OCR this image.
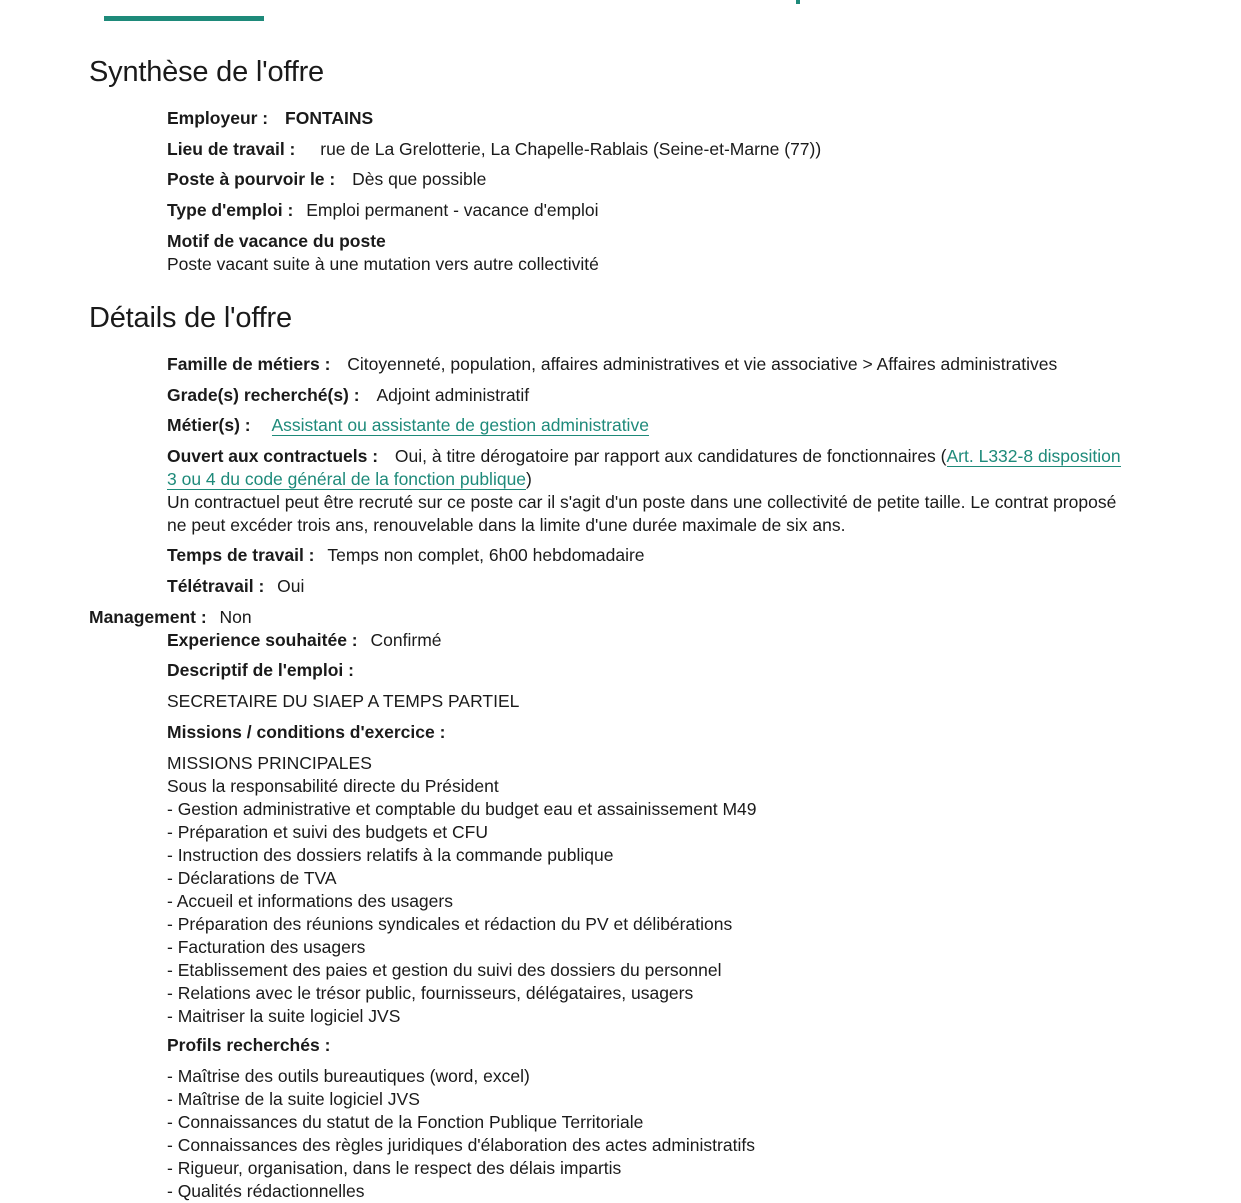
Synthèse de l'offre
Employeur : FONTAINS
Lieu de travail : rue de La Grelotterie, La Chapelle-Rablais (Seine-et-Marne (77))
Poste à pourvoir le : Dès que possible
Type d'emploi : Emploi permanent - vacance d'emploi
Motif de vacance du poste
Poste vacant suite à une mutation vers autre collectivité
Détails de l'offre
Famille de métiers : Citoyenneté, population, affaires administratives et vie associative > Affaires administratives
Grade(s) recherché(s) : Adjoint administratif
Métier(s) : Assistant ou assistante de gestion administrative
Ouvert aux contractuels : Oui, à titre dérogatoire par rapport aux candidatures de fonctionnaires (Art. L332-8 disposition 3 ou 4 du code général de la fonction publique)
Un contractuel peut être recruté sur ce poste car il s'agit d'un poste dans une collectivité de petite taille. Le contrat proposé ne peut excéder trois ans, renouvelable dans la limite d'une durée maximale de six ans.
Temps de travail : Temps non complet, 6h00 hebdomadaire
Télétravail : Oui
Management : Non
Experience souhaitée : Confirmé
Descriptif de l'emploi :
SECRETAIRE DU SIAEP A TEMPS PARTIEL
Missions / conditions d'exercice :
MISSIONS PRINCIPALES
Sous la responsabilité directe du Président
- Gestion administrative et comptable du budget eau et assainissement M49
- Préparation et suivi des budgets et CFU
- Instruction des dossiers relatifs à la commande publique
- Déclarations de TVA
- Accueil et informations des usagers
- Préparation des réunions syndicales et rédaction du PV et délibérations
- Facturation des usagers
- Etablissement des paies et gestion du suivi des dossiers du personnel
- Relations avec le trésor public, fournisseurs, délégataires, usagers
- Maitriser la suite logiciel JVS
Profils recherchés :
- Maîtrise des outils bureautiques (word, excel)
- Maîtrise de la suite logiciel JVS
- Connaissances du statut de la Fonction Publique Territoriale
- Connaissances des règles juridiques d'élaboration des actes administratifs
- Rigueur, organisation, dans le respect des délais impartis
- Qualités rédactionnelles
